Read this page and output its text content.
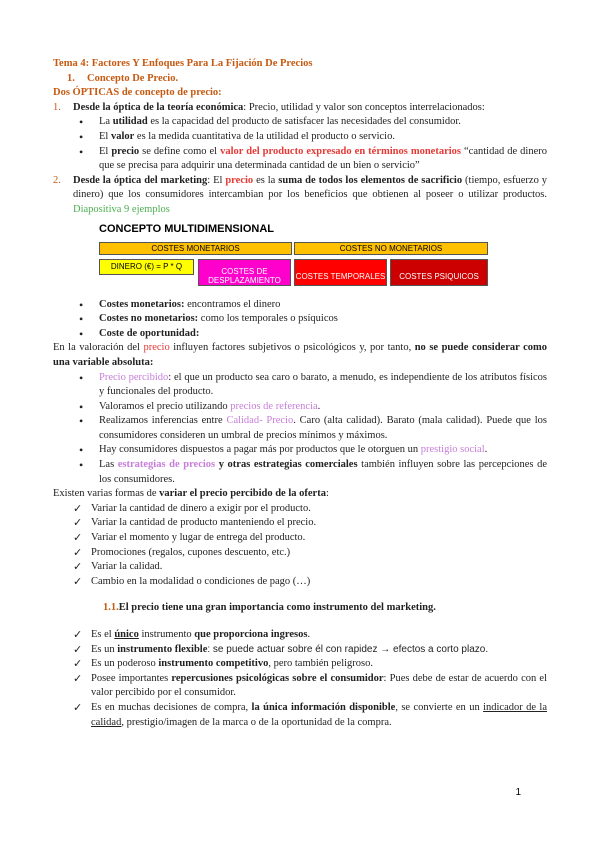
Tema 4: Factores Y Enfoques Para La Fijación De Precios
1. Concepto De Precio.
Dos ÓPTICAS de concepto de precio:
1. Desde la óptica de la teoría económica: Precio, utilidad y valor son conceptos interrelacionados:
• La utilidad es la capacidad del producto de satisfacer las necesidades del consumidor.
• El valor es la medida cuantitativa de la utilidad el producto o servicio.
• El precio se define como el valor del producto expresado en términos monetarios “cantidad de dinero que se precisa para adquirir una determinada cantidad de un bien o servicio”
2. Desde la óptica del marketing: El precio es la suma de todos los elementos de sacrificio (tiempo, esfuerzo y dinero) que los consumidores intercambian por los beneficios que obtienen al poseer o utilizar productos. Diapositiva 9 ejemplos
CONCEPTO MULTIDIMENSIONAL
COSTES MONETARIOS	COSTES NO MONETARIOS
DINERO (€) = P * Q
COSTES DE DESPLAZAMIENTO	COSTES TEMPORALES COSTES PSIQUICOS
• Costes monetarios: encontramos el dinero
• Costes no monetarios: como los temporales o psíquicos
• Coste de oportunidad:

En la valoración del precio influyen factores subjetivos o psicológicos y, por tanto, no se puede considerar como una variable absoluta:

• Precio percibido: el que un producto sea caro o barato, a menudo, es independiente de los atributos físicos y funcionales del producto.
• Valoramos el precio utilizando precios de referencia.
• Realizamos inferencias entre Calidad- Precio. Caro (alta calidad). Barato (mala calidad). Puede que los consumidores consideren un umbral de precios mínimos y máximos.
• Hay consumidores dispuestos a pagar más por productos que le otorguen un prestigio social.
• Las estrategias de precios y otras estrategias comerciales también influyen sobre las percepciones de los consumidores.

Existen varias formas de variar el precio percibido de la oferta:

✓ Variar la cantidad de dinero a exigir por el producto.
✓ Variar la cantidad de producto manteniendo el precio.
✓ Variar el momento y lugar de entrega del producto.
✓ Promociones (regalos, cupones descuento, etc.)
✓ Variar la calidad.
✓ Cambio en la modalidad o condiciones de pago (…)
1.1.El precio tiene una gran importancia como instrumento del marketing.
✓ Es el único instrumento que proporciona ingresos.
✓ Es un instrumento flexible: se puede actuar sobre él con rapidez → efectos a corto plazo.
✓ Es un poderoso instrumento competitivo, pero también peligroso.
✓ Posee importantes repercusiones psicológicas sobre el consumidor: Pues debe de estar de acuerdo con el valor percibido por el consumidor.
✓ Es en muchas decisiones de compra, la única información disponible, se convierte en un indicador de la calidad, prestigio/imagen de la marca o de la oportunidad de la compra.
1
